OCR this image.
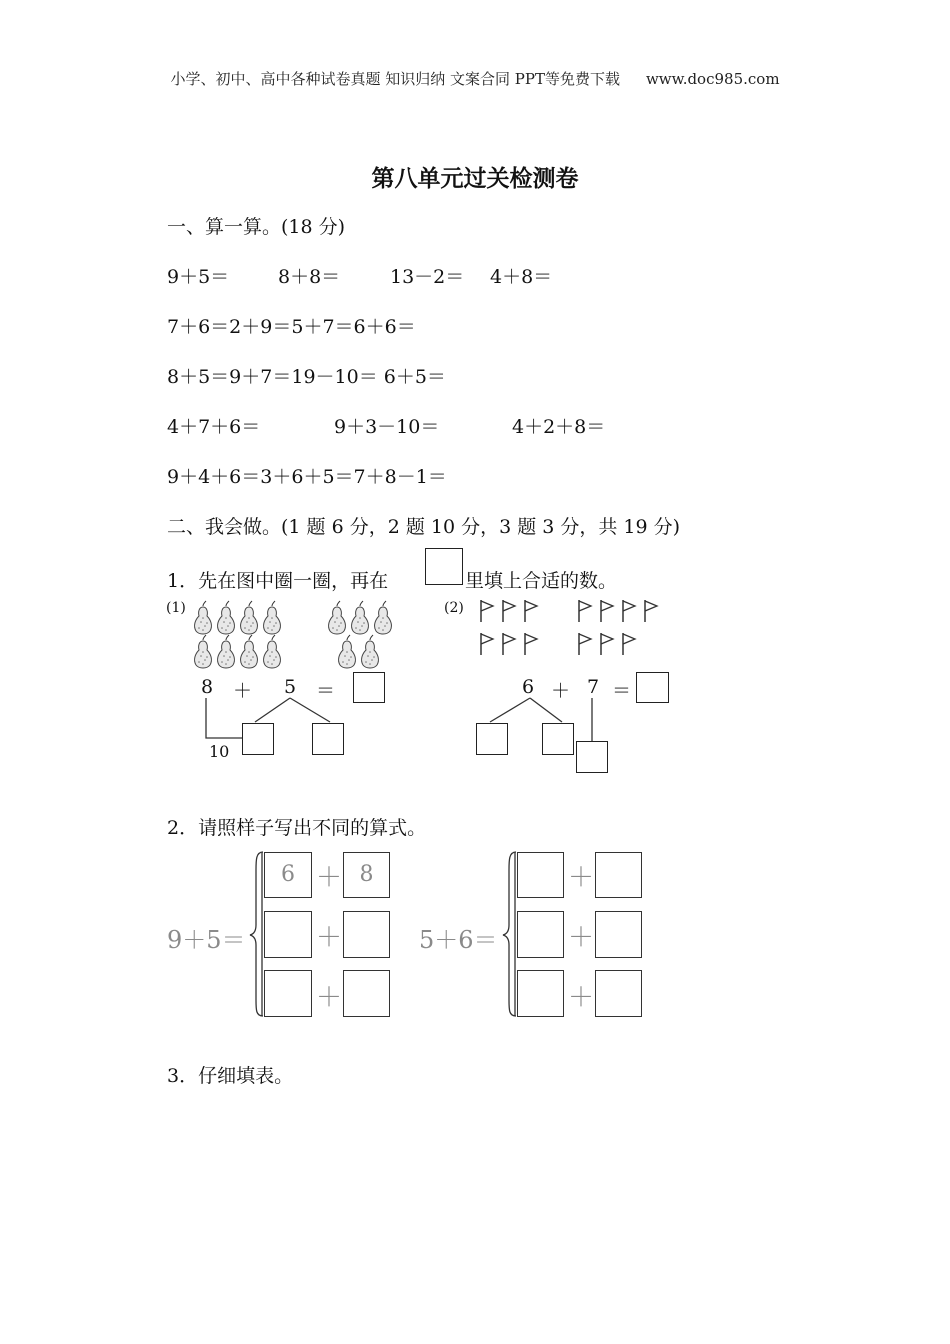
小学、初中、高中各种试卷真题 知识归纳 文案合同 PPT等免费下载 www.doc985.com
第八单元过关检测卷
一、算一算。(18 分)
9＋5＝	8＋8＝	13－2＝ 4＋8＝
7＋6＝2＋9＝5＋7＝6＋6＝
8＋5＝9＋7＝19－10＝ 6＋5＝
4＋7＋6＝	9＋3－10＝	4＋2＋8＝
9＋4＋6＝3＋6＋5＝7＋8－1＝
二、我会做。(1 题 6 分，2 题 10 分，3 题 3 分，共 19 分)
1．先在图中圈一圈，再在	里填上合适的数。
(1)
8 ＋ 5 ＝
10
(2)
6 ＋ 7 ＝
2．请照样子写出不同的算式。
9＋5＝
6 ＋ 8
＋
＋
5＋6＝
＋
＋
＋
3．仔细填表。
